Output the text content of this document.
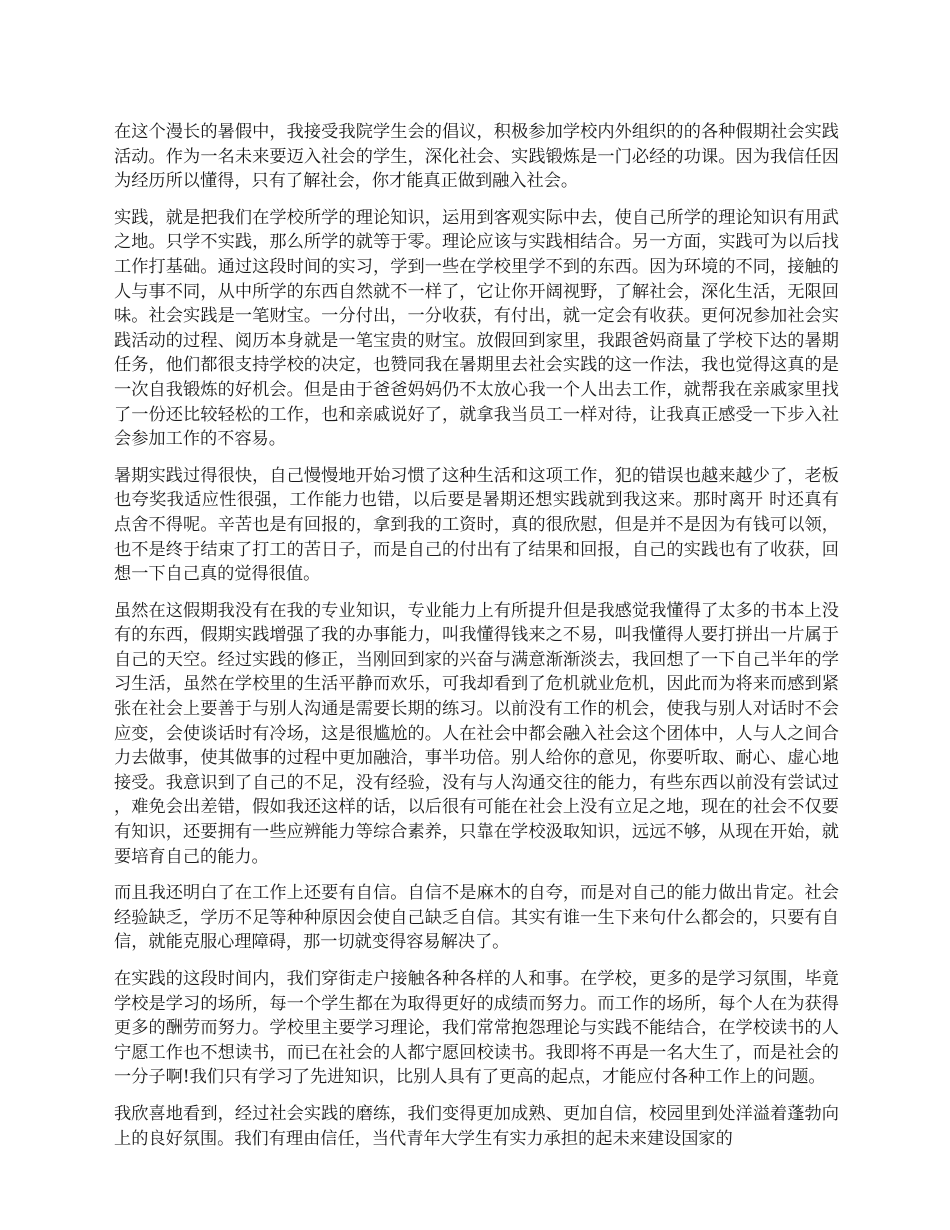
在这个漫长的暑假中，我接受我院学生会的倡议，积极参加学校内外组织的的各种假期社会实践活动。作为一名未来要迈入社会的学生，深化社会、实践锻炼是一门必经的功课。因为我信任因为经历所以懂得，只有了解社会，你才能真正做到融入社会。

实践，就是把我们在学校所学的理论知识，运用到客观实际中去，使自己所学的理论知识有用武之地。只学不实践，那么所学的就等于零。理论应该与实践相结合。另一方面，实践可为以后找工作打基础。通过这段时间的实习，学到一些在学校里学不到的东西。因为环境的不同，接触的人与事不同，从中所学的东西自然就不一样了，它让你开阔视野，了解社会，深化生活，无限回味。社会实践是一笔财宝。一分付出，一分收获，有付出，就一定会有收获。更何况参加社会实践活动的过程、阅历本身就是一笔宝贵的财宝。放假回到家里，我跟爸妈商量了学校下达的暑期任务，他们都很支持学校的决定，也赞同我在暑期里去社会实践的这一作法，我也觉得这真的是一次自我锻炼的好机会。但是由于爸爸妈妈仍不太放心我一个人出去工作，就帮我在亲戚家里找了一份还比较轻松的工作，也和亲戚说好了，就拿我当员工一样对待，让我真正感受一下步入社会参加工作的不容易。

暑期实践过得很快，自己慢慢地开始习惯了这种生活和这项工作，犯的错误也越来越少了，老板也夸奖我适应性很强，工作能力也错，以后要是暑期还想实践就到我这来。那时离开 时还真有点舍不得呢。辛苦也是有回报的，拿到我的工资时，真的很欣慰，但是并不是因为有钱可以领，也不是终于结束了打工的苦日子，而是自己的付出有了结果和回报，自己的实践也有了收获，回想一下自己真的觉得很值。

虽然在这假期我没有在我的专业知识，专业能力上有所提升但是我感觉我懂得了太多的书本上没有的东西，假期实践增强了我的办事能力，叫我懂得钱来之不易，叫我懂得人要打拼出一片属于自己的天空。经过实践的修正，当刚回到家的兴奋与满意渐渐淡去，我回想了一下自己半年的学习生活，虽然在学校里的生活平静而欢乐，可我却看到了危机就业危机，因此而为将来而感到紧张在社会上要善于与别人沟通是需要长期的练习。以前没有工作的机会，使我与别人对话时不会应变，会使谈话时有冷场，这是很尴尬的。人在社会中都会融入社会这个团体中，人与人之间合力去做事，使其做事的过程中更加融洽，事半功倍。别人给你的意见，你要听取、耐心、虚心地接受。我意识到了自己的不足，没有经验，没有与人沟通交往的能力，有些东西以前没有尝试过，难免会出差错，假如我还这样的话，以后很有可能在社会上没有立足之地，现在的社会不仅要有知识，还要拥有一些应辨能力等综合素养，只靠在学校汲取知识，远远不够，从现在开始，就要培育自己的能力。

而且我还明白了在工作上还要有自信。自信不是麻木的自夸，而是对自己的能力做出肯定。社会经验缺乏，学历不足等种种原因会使自己缺乏自信。其实有谁一生下来句什么都会的，只要有自信，就能克服心理障碍，那一切就变得容易解决了。

在实践的这段时间内，我们穿街走户接触各种各样的人和事。在学校，更多的是学习氛围，毕竟学校是学习的场所，每一个学生都在为取得更好的成绩而努力。而工作的场所，每个人在为获得更多的酬劳而努力。学校里主要学习理论，我们常常抱怨理论与实践不能结合，在学校读书的人宁愿工作也不想读书，而已在社会的人都宁愿回校读书。我即将不再是一名大生了，而是社会的一分子啊!我们只有学习了先进知识，比别人具有了更高的起点，才能应付各种工作上的问题。

我欣喜地看到，经过社会实践的磨练，我们变得更加成熟、更加自信，校园里到处洋溢着蓬勃向上的良好氛围。我们有理由信任，当代青年大学生有实力承担的起未来建设国家的
